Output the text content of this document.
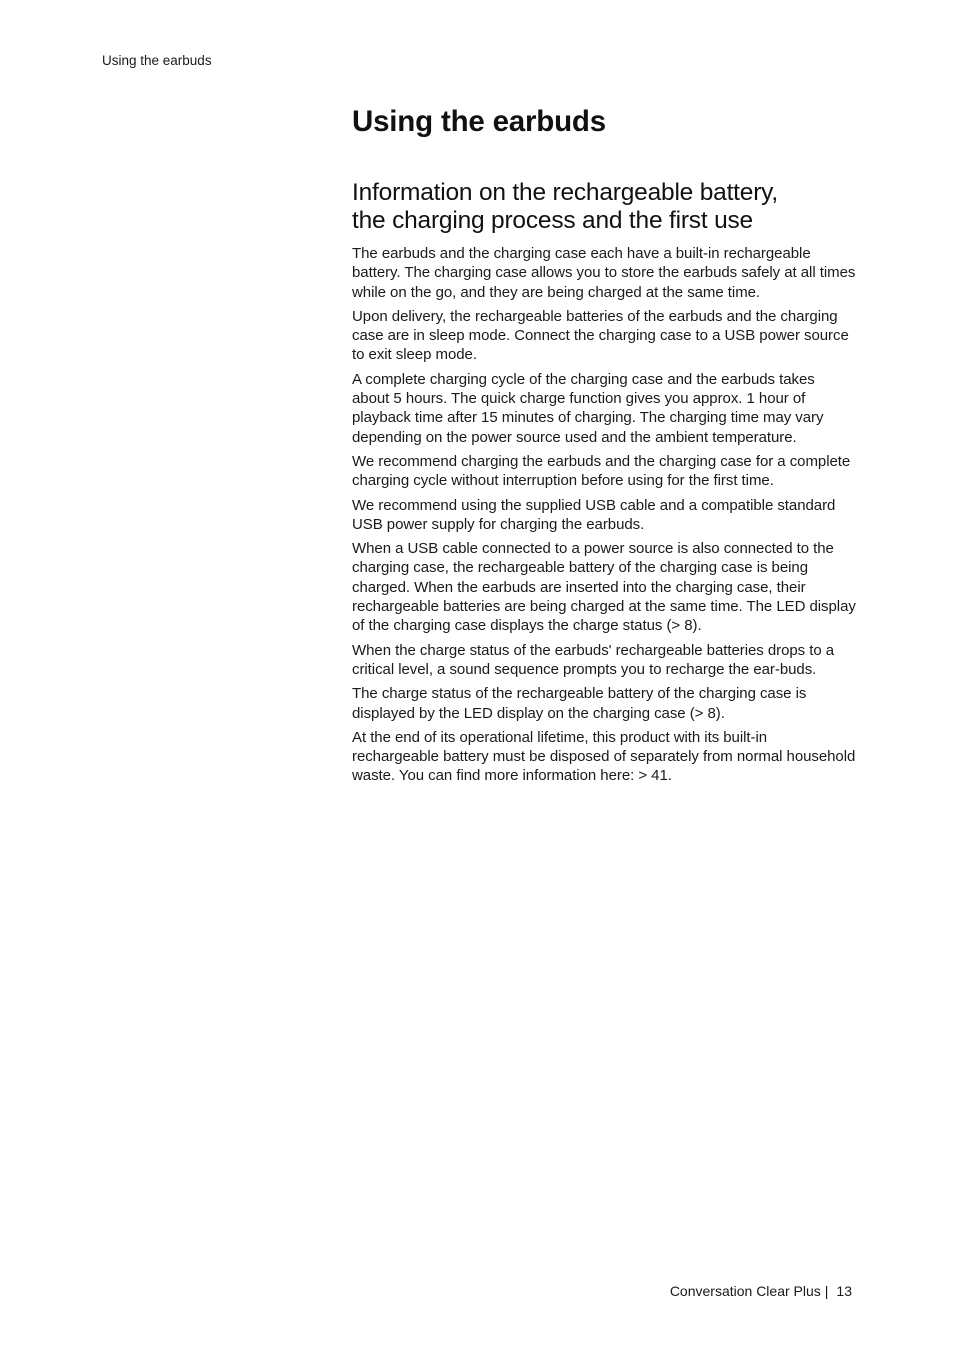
Using the earbuds
Using the earbuds
Information on the rechargeable battery,
the charging process and the first use

The earbuds and the charging case each have a built-in rechargeable battery. The charging case allows you to store the earbuds safely at all times while on the go, and they are being charged at the same time.

Upon delivery, the rechargeable batteries of the earbuds and the charging case are in sleep mode. Connect the charging case to a USB power source to exit sleep mode.

A complete charging cycle of the charging case and the earbuds takes about 5 hours. The quick charge function gives you approx. 1 hour of playback time after 15 minutes of charging. The charging time may vary depending on the power source used and the ambient temperature.

We recommend charging the earbuds and the charging case for a complete charging cycle without interruption before using for the first time.

We recommend using the supplied USB cable and a compatible standard USB power supply for charging the earbuds.

When a USB cable connected to a power source is also connected to the charging case, the rechargeable battery of the charging case is being charged. When the earbuds are inserted into the charging case, their rechargeable batteries are being charged at the same time. The LED display of the charging case displays the charge status (> 8).

When the charge status of the earbuds' rechargeable batteries drops to a critical level, a sound sequence prompts you to recharge the ear-buds.

The charge status of the rechargeable battery of the charging case is displayed by the LED display on the charging case (> 8).

At the end of its operational lifetime, this product with its built-in rechargeable battery must be disposed of separately from normal household waste. You can find more information here: > 41.

Conversation Clear Plus | 13
